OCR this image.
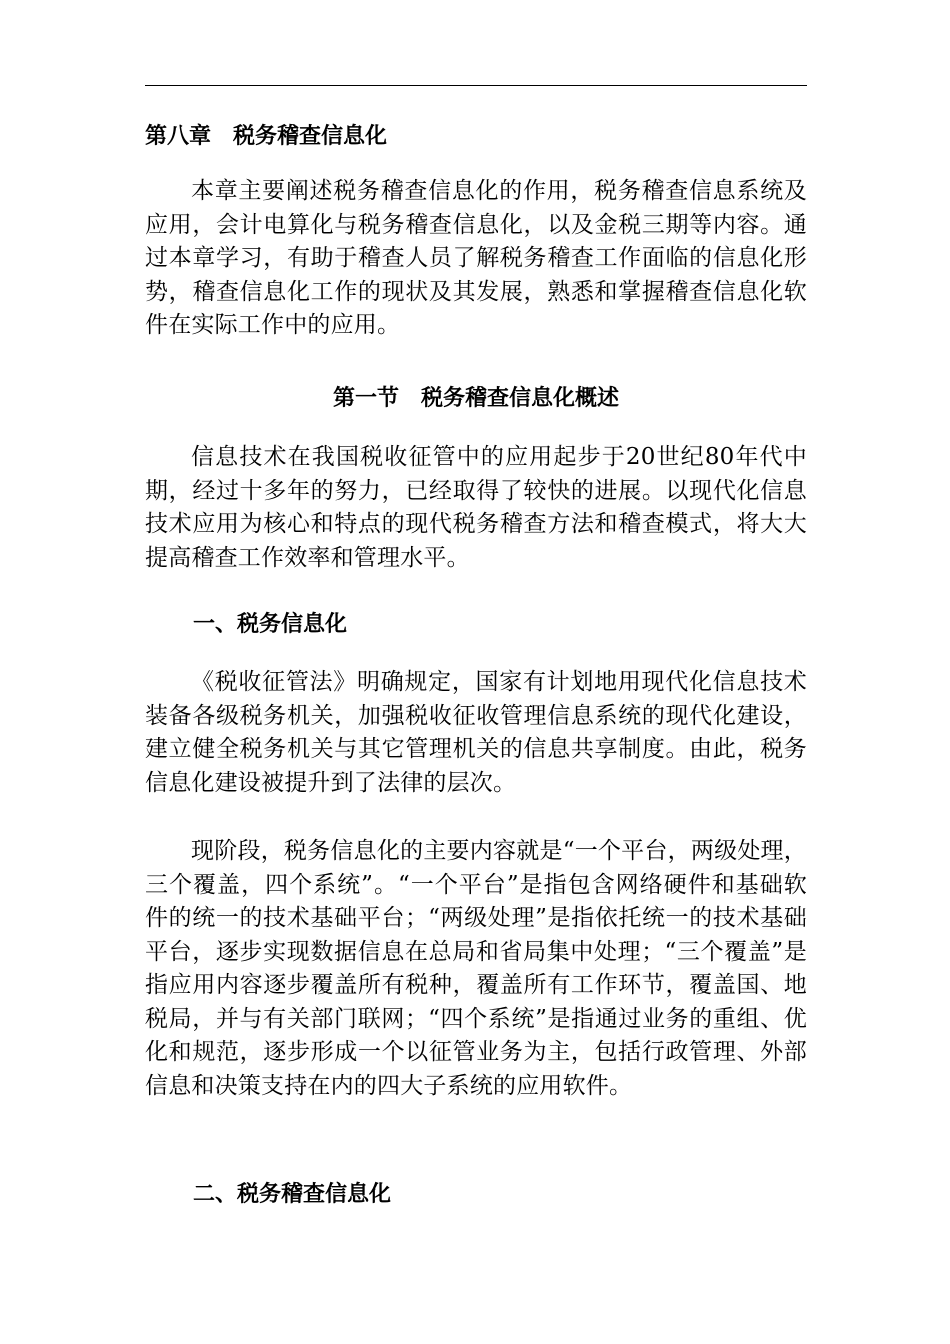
第八章　税务稽查信息化

本章主要阐述税务稽查信息化的作用，税务稽查信息系统及应用，会计电算化与税务稽查信息化，以及金税三期等内容。通过本章学习，有助于稽查人员了解税务稽查工作面临的信息化形势，稽查信息化工作的现状及其发展，熟悉和掌握稽查信息化软件在实际工作中的应用。

第一节　税务稽查信息化概述

信息技术在我国税收征管中的应用起步于20世纪80年代中期，经过十多年的努力，已经取得了较快的进展。以现代化信息技术应用为核心和特点的现代税务稽查方法和稽查模式，将大大提高稽查工作效率和管理水平。

一、税务信息化

《税收征管法》明确规定，国家有计划地用现代化信息技术装备各级税务机关，加强税收征收管理信息系统的现代化建设，建立健全税务机关与其它管理机关的信息共享制度。由此，税务信息化建设被提升到了法律的层次。

现阶段，税务信息化的主要内容就是“一个平台，两级处理，三个覆盖，四个系统”。“一个平台”是指包含网络硬件和基础软件的统一的技术基础平台；“两级处理”是指依托统一的技术基础平台，逐步实现数据信息在总局和省局集中处理；“三个覆盖”是指应用内容逐步覆盖所有税种，覆盖所有工作环节，覆盖国、地税局，并与有关部门联网；“四个系统”是指通过业务的重组、优化和规范，逐步形成一个以征管业务为主，包括行政管理、外部信息和决策支持在内的四大子系统的应用软件。

二、税务稽查信息化
